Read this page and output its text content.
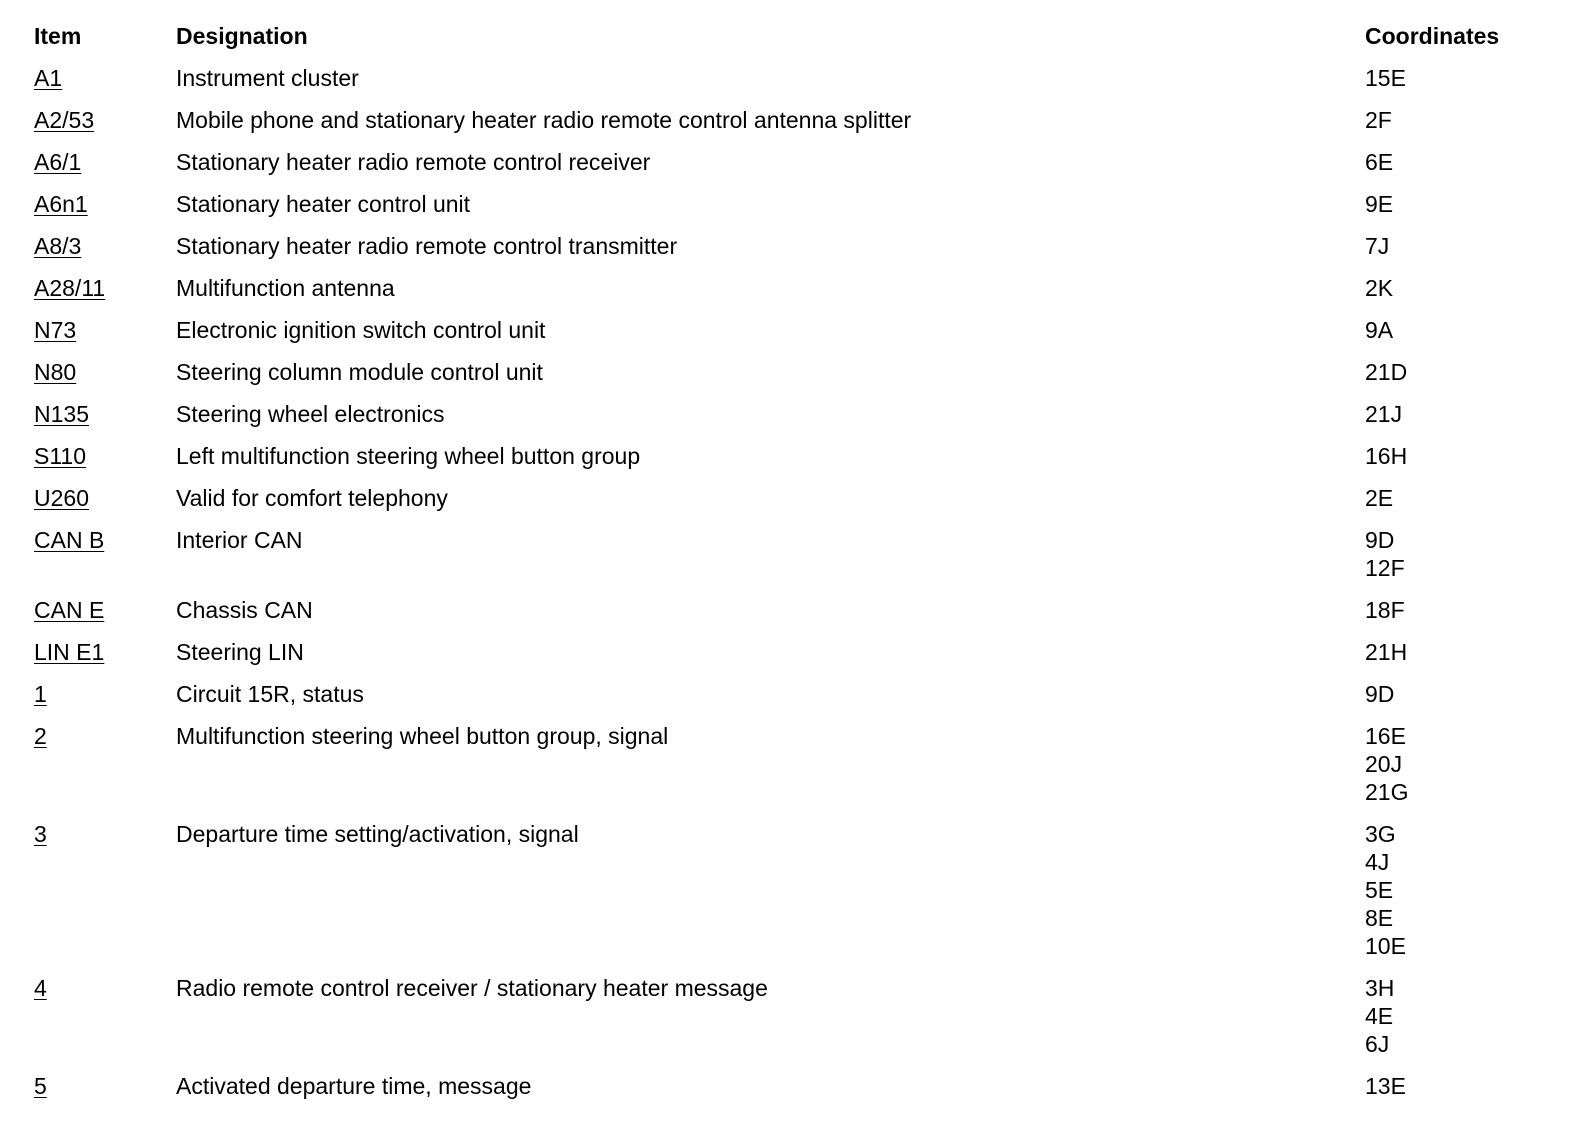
Item	Designation	Coordinates
A1	Instrument cluster	15E
A2/53	Mobile phone and stationary heater radio remote control antenna splitter	2F
A6/1	Stationary heater radio remote control receiver	6E
A6n1	Stationary heater control unit	9E
A8/3	Stationary heater radio remote control transmitter	7J
A28/11	Multifunction antenna	2K
N73	Electronic ignition switch control unit	9A
N80	Steering column module control unit	21D
N135	Steering wheel electronics	21J
S110	Left multifunction steering wheel button group	16H
U260	Valid for comfort telephony	2E
CAN B	Interior CAN	9D
12F
CAN E	Chassis CAN	18F
LIN E1	Steering LIN	21H
1	Circuit 15R, status	9D
2	Multifunction steering wheel button group, signal	16E
20J
21G
3	Departure time setting/activation, signal	3G
4J
5E
8E
10E
4	Radio remote control receiver / stationary heater message	3H
4E
6J
5	Activated departure time, message	13E
